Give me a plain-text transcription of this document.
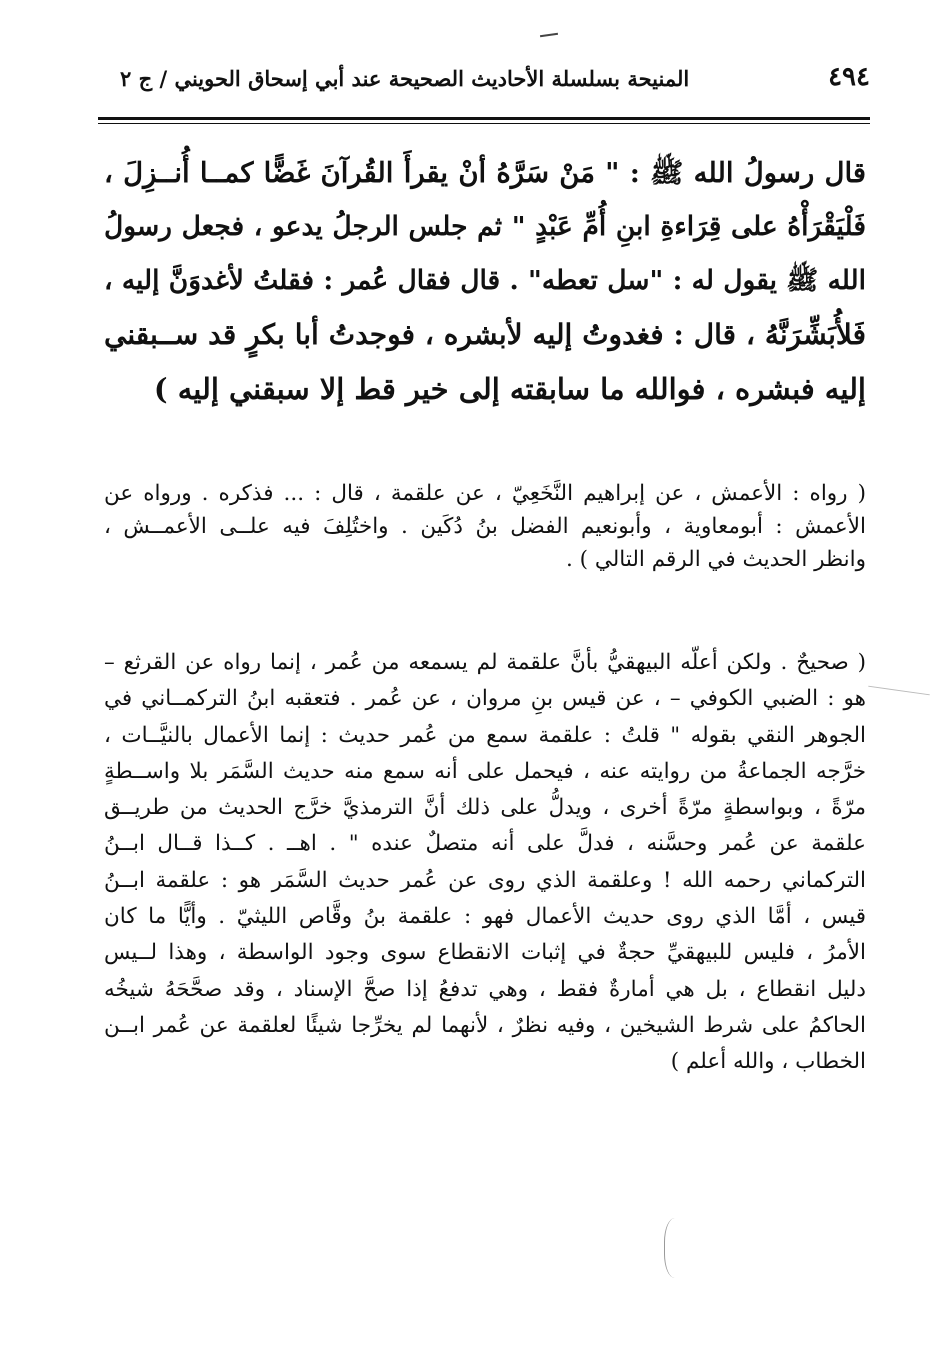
٤٩٤
المنيحة بسلسلة الأحاديث الصحيحة عند أبي إسحاق الحويني / ج ٢
قال رسولُ الله ﷺ : " مَنْ سَرَّهُ أنْ يقرأَ القُرآنَ غَضًّا كمــا أُنــزِلَ ،
فَلْيَقْرَأْهُ على قِرَاءةِ ابنِ أُمِّ عَبْدٍ " ثم جلس الرجلُ يدعو ، فجعل رسولُ
الله ﷺ يقول له : "سل تعطه" . قال فقال عُمر : فقلتُ لأغدوَنَّ إليه ،
فَلأُبَشِّرَنَّهُ ، قال : فغدوتُ إليه لأبشره ، فوجدتُ أبا بكرٍ قد ســبقني
إليه فبشره ، فوالله ما سابقته إلى خير قط إلا سبقني إليه )
( رواه : الأعمش ، عن إبراهيم النَّخَعِيّ ، عن علقمة ، قال : ... فذكره . ورواه عن
الأعمش : أبومعاوية ، وأبونعيم الفضل بنُ دُكَين . واختُلِفَ فيه علــى الأعمــش ،
وانظر الحديث في الرقم التالي ) .
( صحيحٌ . ولكن أعلّه البيهقيُّ بأنَّ علقمة لم يسمعه من عُمر ، إنما رواه عن القرثع –
هو : الضبي الكوفي – ، عن قيس بنِ مروان ، عن عُمر . فتعقبه ابنُ التركمــاني في
الجوهر النقي بقوله " قلتُ : علقمة سمع من عُمر حديث : إنما الأعمال بالنيَّــات ،
خرَّجه الجماعةُ من روايته عنه ، فيحمل على أنه سمع منه حديث السَّمَر بلا واســطةٍ
مرّةً ، وبواسطةٍ مرّةً أخرى ، ويدلُّ على ذلك أنَّ الترمذيَّ خرَّج الحديث من طريــق
علقمة عن عُمر وحسَّنه ، فدلَّ على أنه متصلٌ عنده " . اهــ . كــذا قــال ابــنُ
التركماني رحمه الله ! وعلقمة الذي روى عن عُمر حديث السَّمَر هو : علقمة ابــنُ
قيس ، أمَّا الذي روى حديث الأعمال فهو : علقمة بنُ وقَّاص الليثيّ . وأيًّا ما كان
الأمرُ ، فليس للبيهقيِّ حجةٌ في إثبات الانقطاع سوى وجود الواسطة ، وهذا لــيس
دليل انقطاع ، بل هي أمارةٌ فقط ، وهي تدفعُ إذا صحَّ الإسناد ، وقد صحَّحَهُ شيخُه
الحاكمُ على شرط الشيخين ، وفيه نظرٌ ، لأنهما لم يخرِّجا شيئًا لعلقمة عن عُمر ابــن
الخطاب ، والله أعلم )
